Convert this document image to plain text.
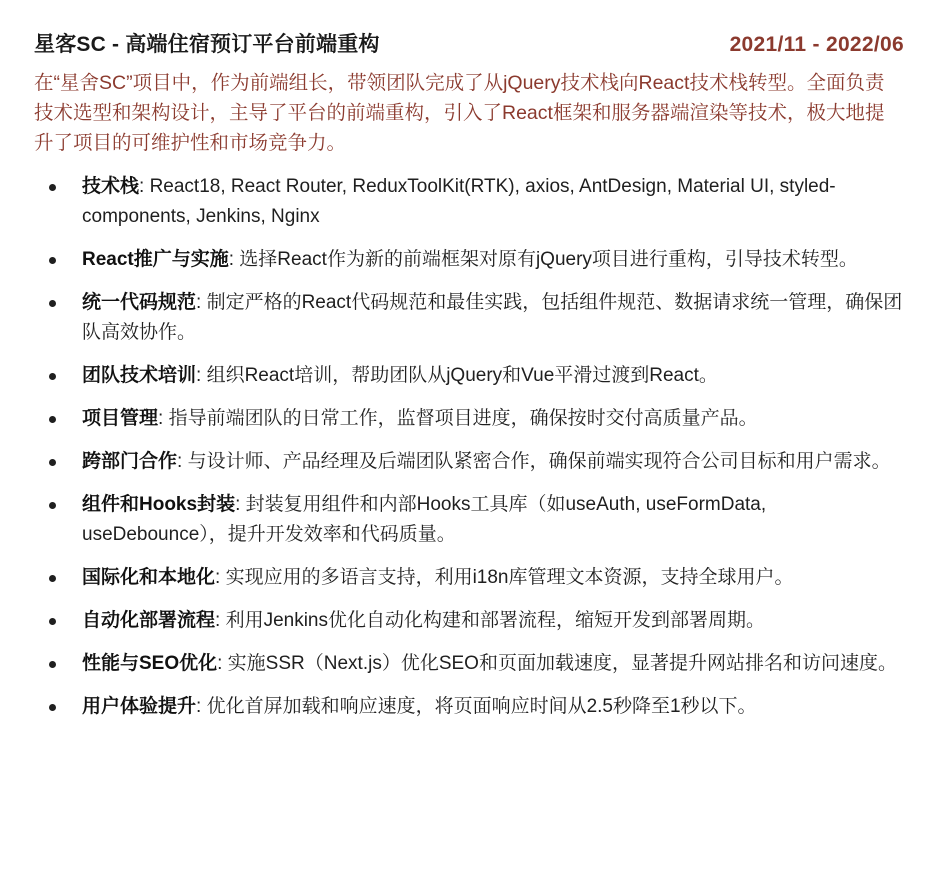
星客SC - 高端住宿预订平台前端重构	2021/11 - 2022/06
在“星舍SC”项目中，作为前端组长，带领团队完成了从jQuery技术栈向React技术栈转型。全面负责技术选型和架构设计，主导了平台的前端重构，引入了React框架和服务器端渲染等技术，极大地提升了项目的可维护性和市场竞争力。
技术栈: React18, React Router, ReduxToolKit(RTK), axios, AntDesign, Material UI, styled-components, Jenkins, Nginx
React推广与实施: 选择React作为新的前端框架对原有jQuery项目进行重构，引导技术转型。
统一代码规范: 制定严格的React代码规范和最佳实践，包括组件规范、数据请求统一管理，确保团队高效协作。
团队技术培训: 组织React培训，帮助团队从jQuery和Vue平滑过渡到React。
项目管理: 指导前端团队的日常工作，监督项目进度，确保按时交付高质量产品。
跨部门合作: 与设计师、产品经理及后端团队紧密合作，确保前端实现符合公司目标和用户需求。
组件和Hooks封装: 封装复用组件和内部Hooks工具库（如useAuth, useFormData, useDebounce），提升开发效率和代码质量。
国际化和本地化: 实现应用的多语言支持，利用i18n库管理文本资源，支持全球用户。
自动化部署流程: 利用Jenkins优化自动化构建和部署流程，缩短开发到部署周期。
性能与SEO优化: 实施SSR（Next.js）优化SEO和页面加载速度，显著提升网站排名和访问速度。
用户体验提升: 优化首屏加载和响应速度，将页面响应时间从2.5秒降至1秒以下。
